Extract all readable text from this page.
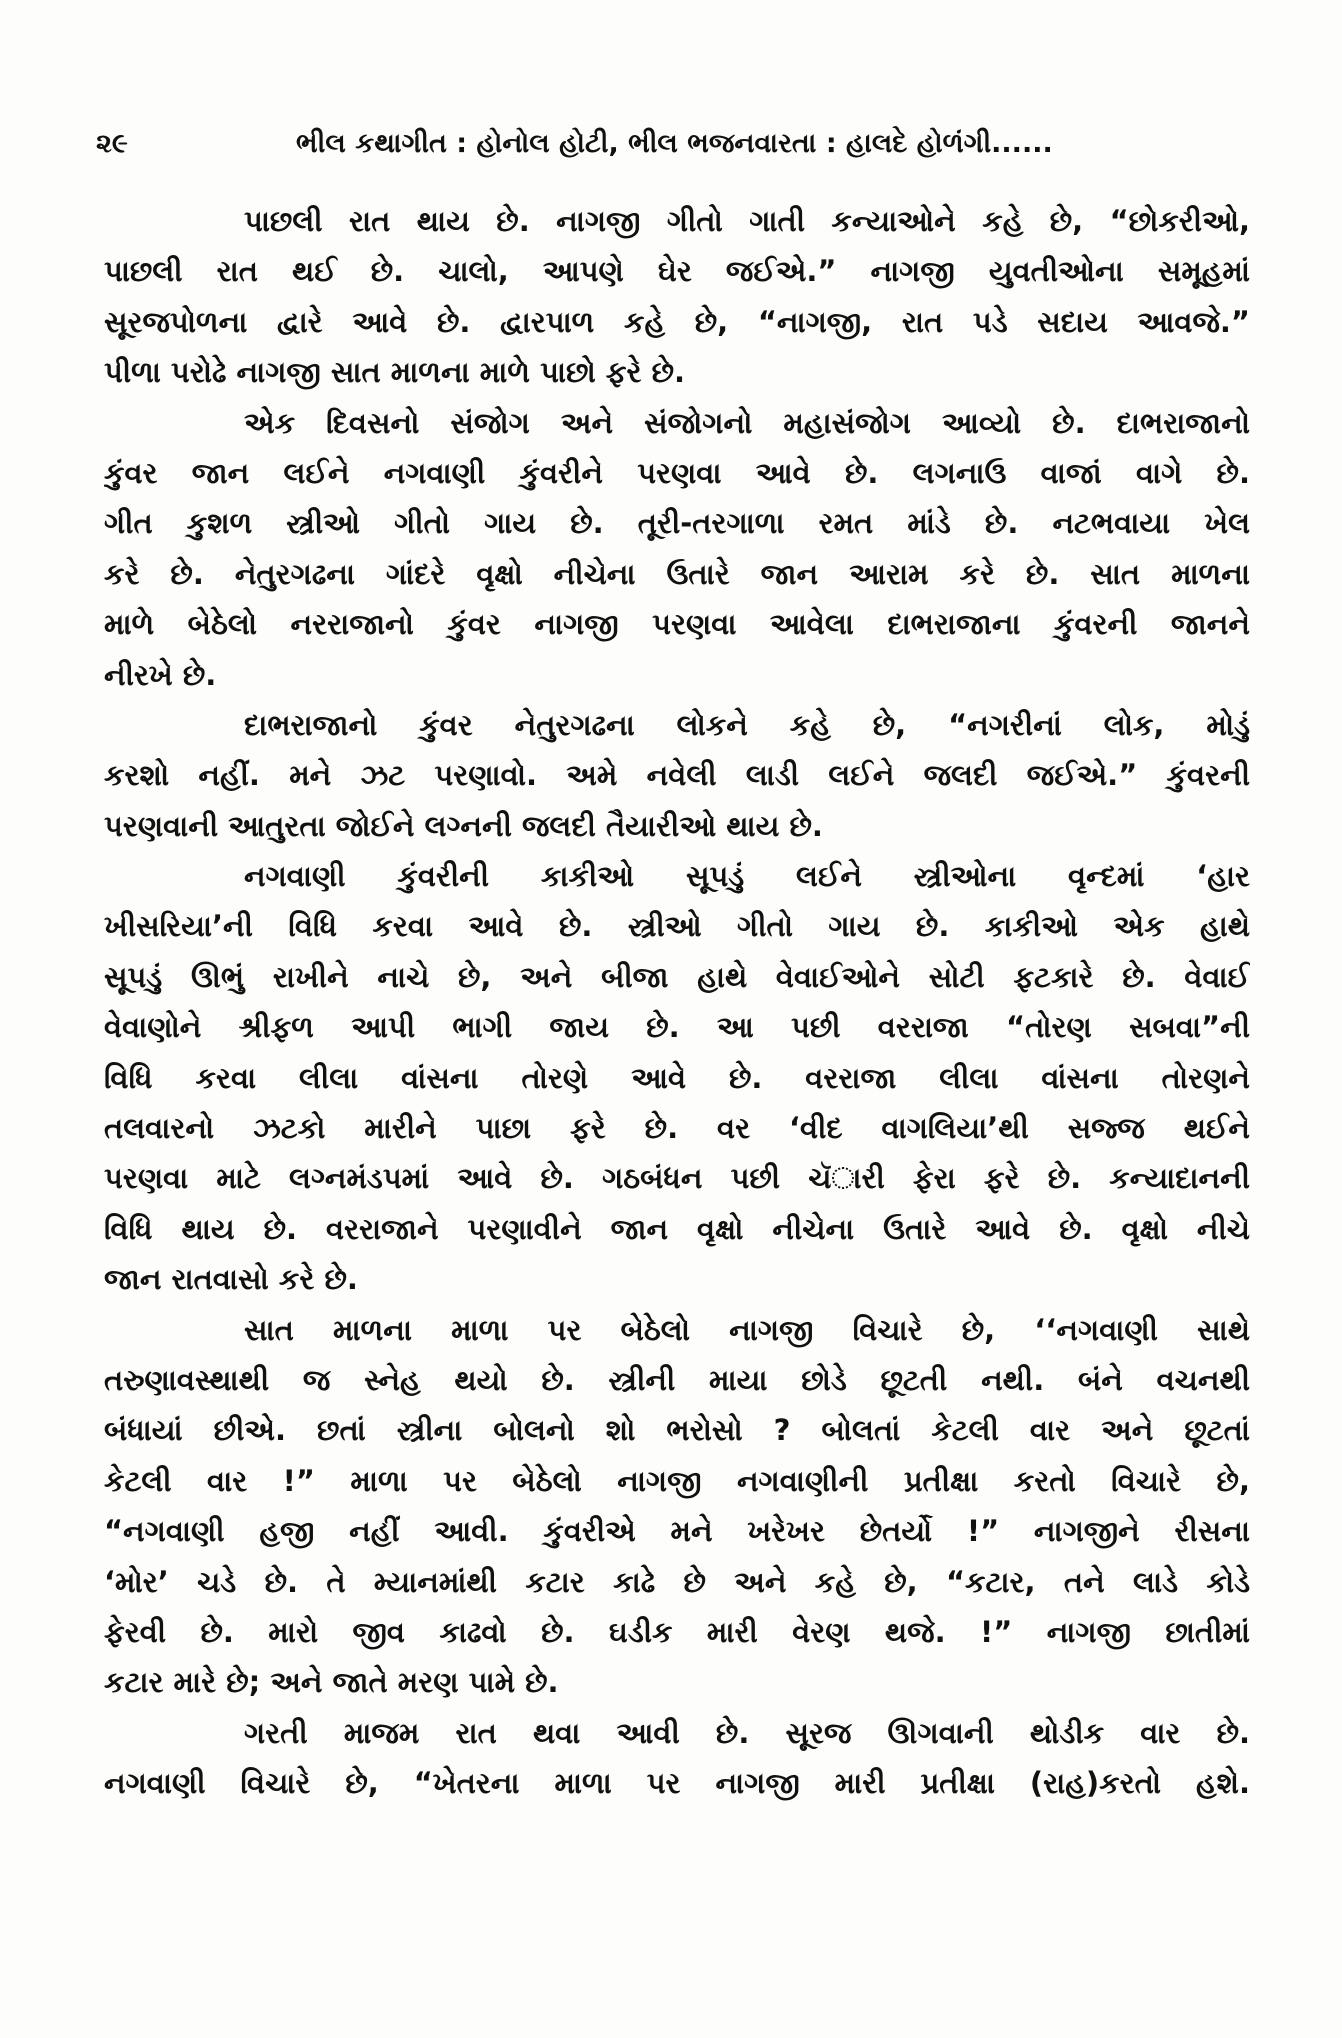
૨૯	ભીલ કથાગીત : હોનોલ હોટી, ભીલ ભજનવારતા : હાલદે હોળંગી......
પાછલી રાત થાય છે. નાગજી ગીતો ગાતી કન્યાઓને કહે છે, “છોકરીઓ,
પાછલી રાત થઈ છે. ચાલો, આપણે ઘેર જઈએ.” નાગજી યુવતીઓના સમૂહમાં
સૂરજપોળના દ્વારે આવે છે. દ્વારપાળ કહે છે, “નાગજી, રાત પડે સદાય આવજે.”
પીળા પરોઢે નાગજી સાત માળના માળે પાછો ફરે છે.
એક દિવસનો સંજોગ અને સંજોગનો મહાસંજોગ આવ્યો છે. દાભરાજાનો
કુંવર જાન લઈને નગવાણી કુંવરીને પરણવા આવે છે. લગનાઉ વાજાં વાગે છે.
ગીત કુશળ સ્ત્રીઓ ગીતો ગાય છે. તૂરી-તરગાળા રમત માંડે છે. નટભવાયા ખેલ
કરે છે. નેતુરગઢના ગાંદરે વૃક્ષો નીચેના ઉતારે જાન આરામ કરે છે. સાત માળના
માળે બેઠેલો નરરાજાનો કુંવર નાગજી પરણવા આવેલા દાભરાજાના કુંવરની જાનને
નીરખે છે.
દાભરાજાનો કુંવર નેતુરગઢના લોકને કહે છે, “નગરીનાં લોક, મોડું
કરશો નહીં. મને ઝટ પરણાવો. અમે નવેલી લાડી લઈને જલદી જઈએ.” કુંવરની
પરણવાની આતુરતા જોઈને લગ્નની જલદી તૈયારીઓ થાય છે.
નગવાણી કુંવરીની કાકીઓ સૂપડું લઈને સ્ત્રીઓના વૃન્દમાં ‘હાર
ખીસરિયા’ની વિધિ કરવા આવે છે. સ્ત્રીઓ ગીતો ગાય છે. કાકીઓ એક હાથે
સૂપડું ઊભું રાખીને નાચે છે, અને બીજા હાથે વેવાઈઓને સોટી ફટકારે છે. વેવાઈ
વેવાણોને શ્રીફળ આપી ભાગી જાય છે. આ પછી વરરાજા “તોરણ સબવા”ની
વિધિ કરવા લીલા વાંસના તોરણે આવે છે. વરરાજા લીલા વાંસના તોરણને
તલવારનો ઝટકો મારીને પાછા ફરે છે. વર ‘વીદ વાગલિયા’થી સજ્જ થઈને
પરણવા માટે લગ્નમંડપમાં આવે છે. ગઠબંધન પછી ચૅારી ફેરા ફરે છે. કન્યાદાનની
વિધિ થાય છે. વરરાજાને પરણાવીને જાન વૃક્ષો નીચેના ઉતારે આવે છે. વૃક્ષો નીચે
જાન રાતવાસો કરે છે.
સાત માળના માળા પર બેઠેલો નાગજી વિચારે છે, ‘‘નગવાણી સાથે
તરુણાવસ્થાથી જ સ્નેહ થયો છે. સ્ત્રીની માયા છોડે છૂટતી નથી. બંને વચનથી
બંધાયાં છીએ. છતાં સ્ત્રીના બોલનો શો ભરોસો ? બોલતાં કેટલી વાર અને છૂટતાં
કેટલી વાર !” માળા પર બેઠેલો નાગજી નગવાણીની પ્રતીક્ષા કરતો વિચારે છે,
“નગવાણી હજી નહીં આવી. કુંવરીએ મને ખરેખર છેતર્યો !” નાગજીને રીસના
‘મોર’ ચડે છે. તે મ્યાનમાંથી કટાર કાઢે છે અને કહે છે, “કટાર, તને લાડે કોડે
ફેરવી છે. મારો જીવ કાઢવો છે. ઘડીક મારી વેરણ થજે. !” નાગજી છાતીમાં
કટાર મારે છે; અને જાતે મરણ પામે છે.
ગરતી માજમ રાત થવા આવી છે. સૂરજ ઊગવાની થોડીક વાર છે.
નગવાણી વિચારે છે, “ખેતરના માળા પર નાગજી મારી પ્રતીક્ષા (રાહ)કરતો હશે.
